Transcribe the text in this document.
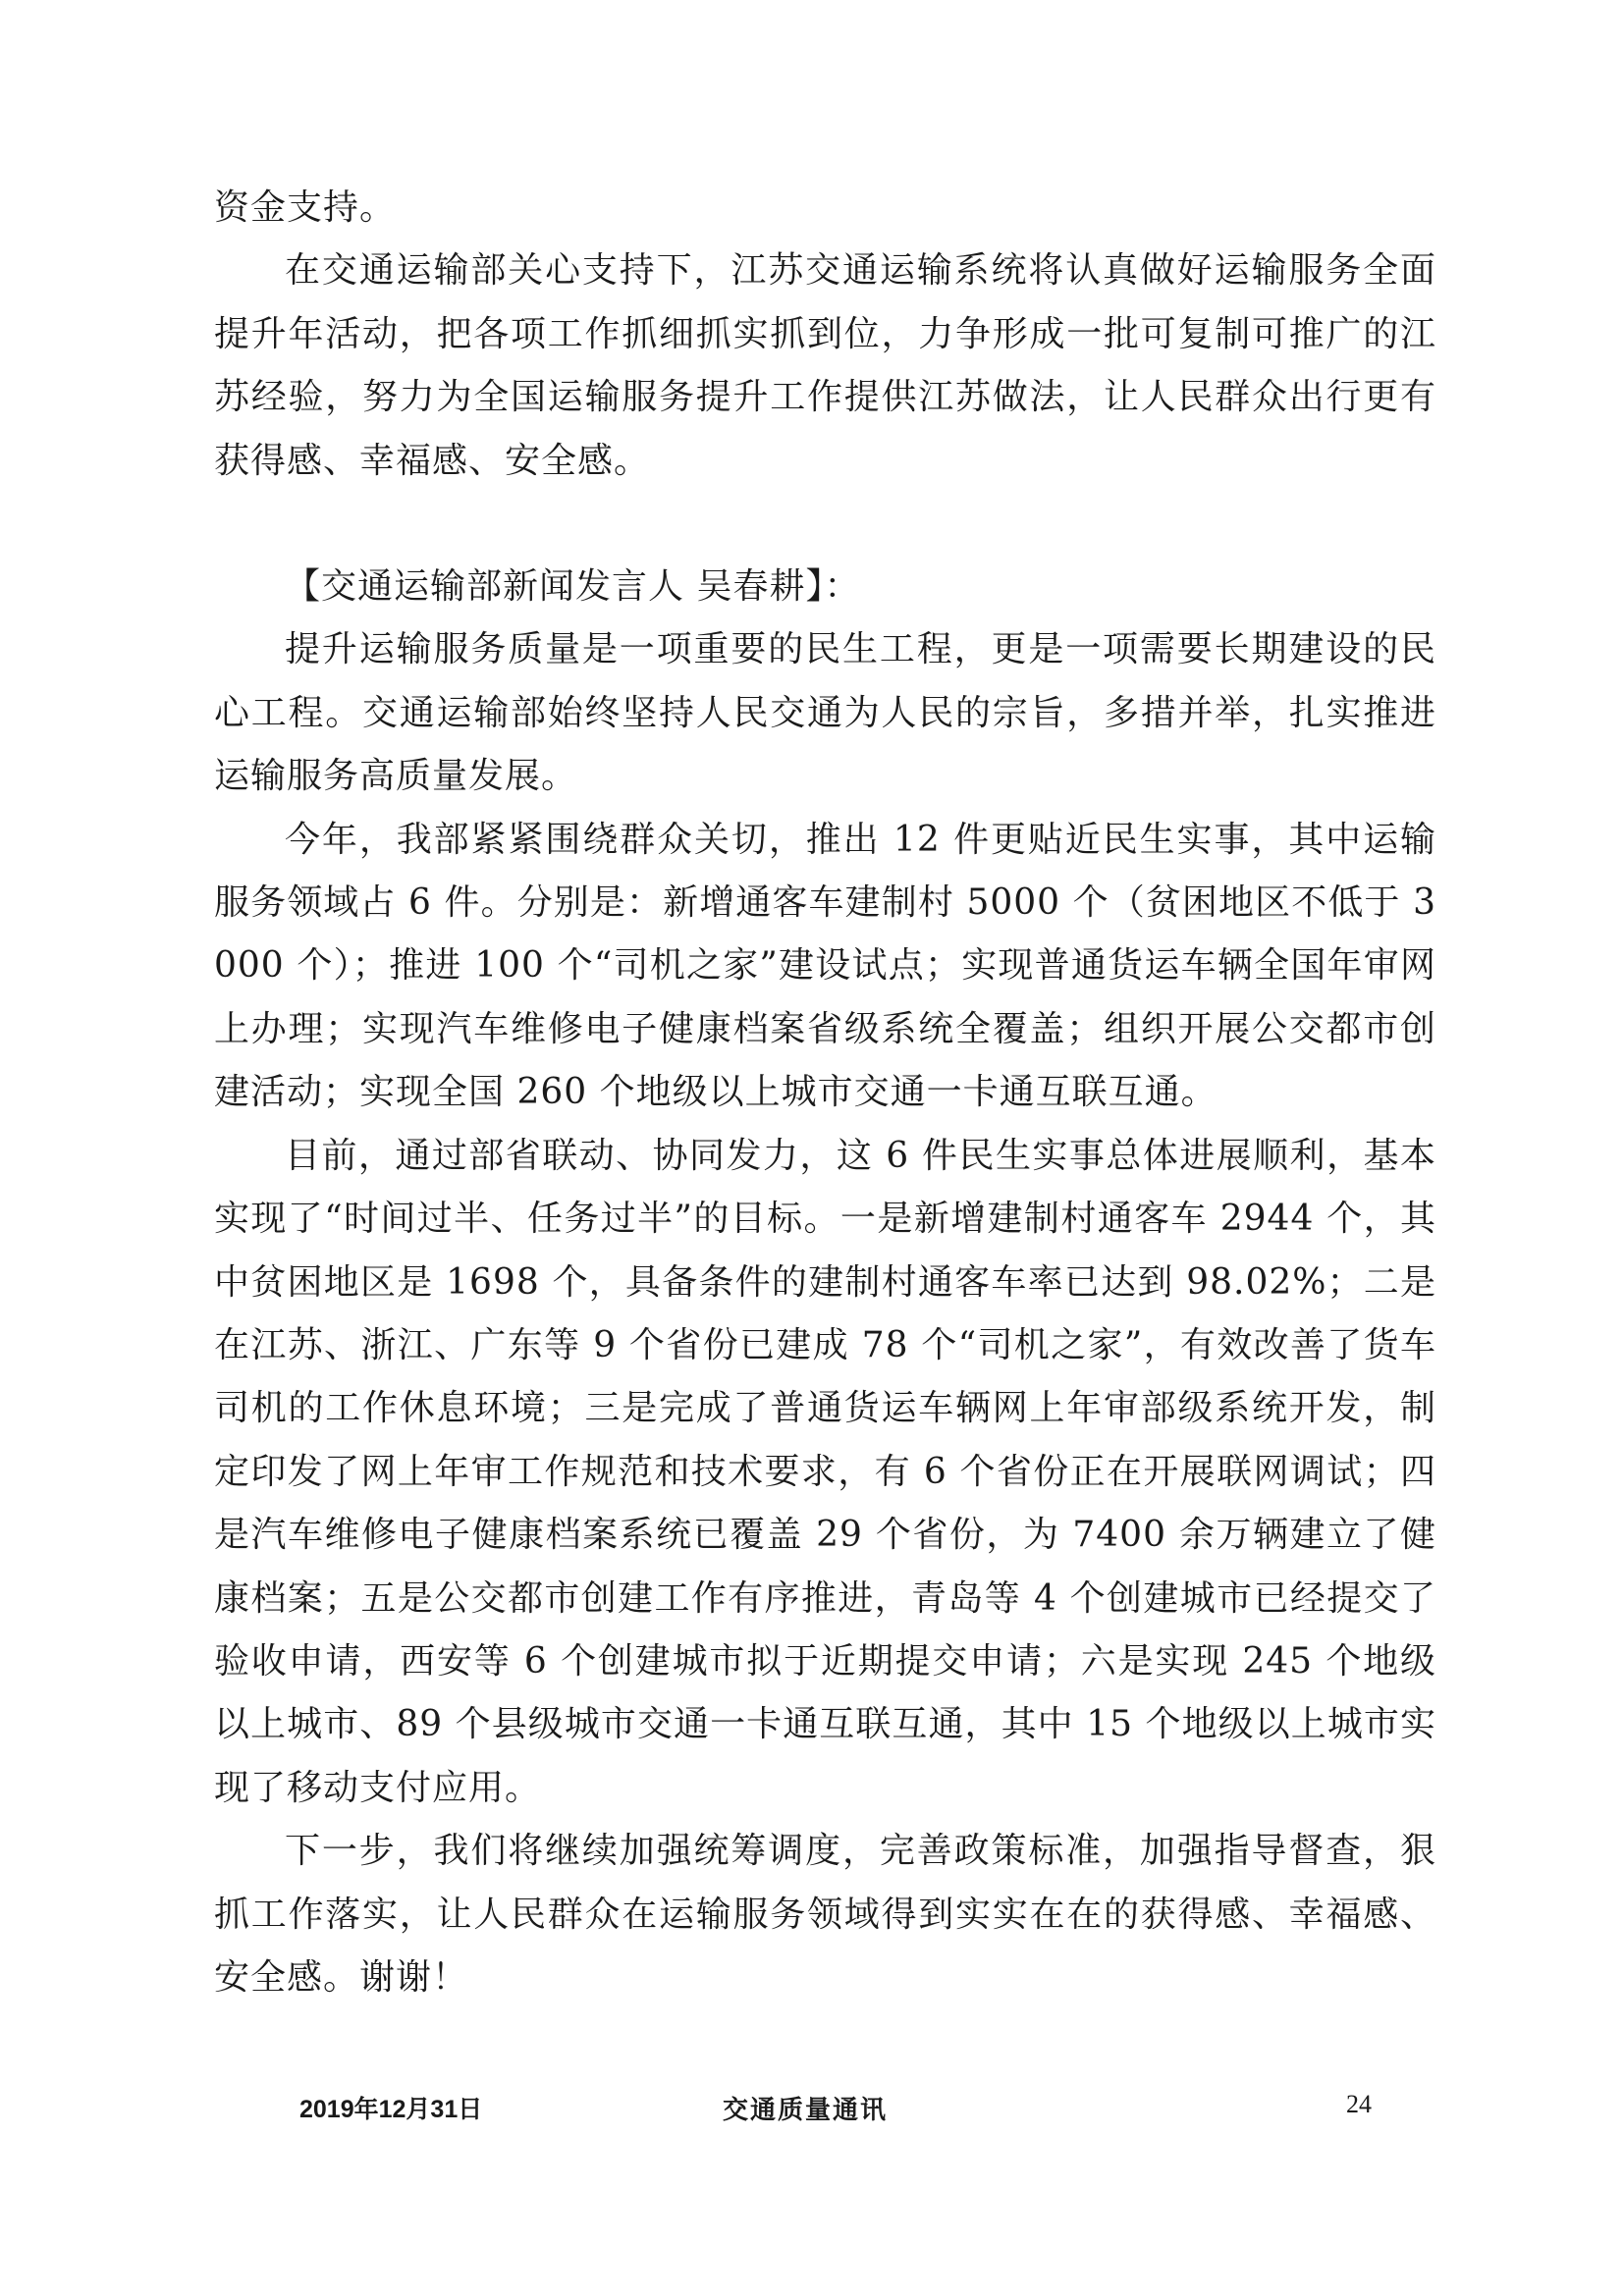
资金支持。

在交通运输部关心支持下，江苏交通运输系统将认真做好运输服务全面提升年活动，把各项工作抓细抓实抓到位，力争形成一批可复制可推广的江苏经验，努力为全国运输服务提升工作提供江苏做法，让人民群众出行更有获得感、幸福感、安全感。

【交通运输部新闻发言人 吴春耕】：

提升运输服务质量是一项重要的民生工程，更是一项需要长期建设的民心工程。交通运输部始终坚持人民交通为人民的宗旨，多措并举，扎实推进运输服务高质量发展。

今年，我部紧紧围绕群众关切，推出 12 件更贴近民生实事，其中运输服务领域占 6 件。分别是：新增通客车建制村 5000 个（贫困地区不低于 3000 个）；推进 100 个“司机之家”建设试点；实现普通货运车辆全国年审网上办理；实现汽车维修电子健康档案省级系统全覆盖；组织开展公交都市创建活动；实现全国 260 个地级以上城市交通一卡通互联互通。

目前，通过部省联动、协同发力，这 6 件民生实事总体进展顺利，基本实现了“时间过半、任务过半”的目标。一是新增建制村通客车 2944 个，其中贫困地区是 1698 个，具备条件的建制村通客车率已达到 98.02%；二是在江苏、浙江、广东等 9 个省份已建成 78 个“司机之家”，有效改善了货车司机的工作休息环境；三是完成了普通货运车辆网上年审部级系统开发，制定印发了网上年审工作规范和技术要求，有 6 个省份正在开展联网调试；四是汽车维修电子健康档案系统已覆盖 29 个省份，为 7400 余万辆建立了健康档案；五是公交都市创建工作有序推进，青岛等 4 个创建城市已经提交了验收申请，西安等 6 个创建城市拟于近期提交申请；六是实现 245 个地级以上城市、89 个县级城市交通一卡通互联互通，其中 15 个地级以上城市实现了移动支付应用。

下一步，我们将继续加强统筹调度，完善政策标准，加强指导督查，狠抓工作落实，让人民群众在运输服务领域得到实实在在的获得感、幸福感、安全感。谢谢！

2019年12月31日	交通质量通讯	24
